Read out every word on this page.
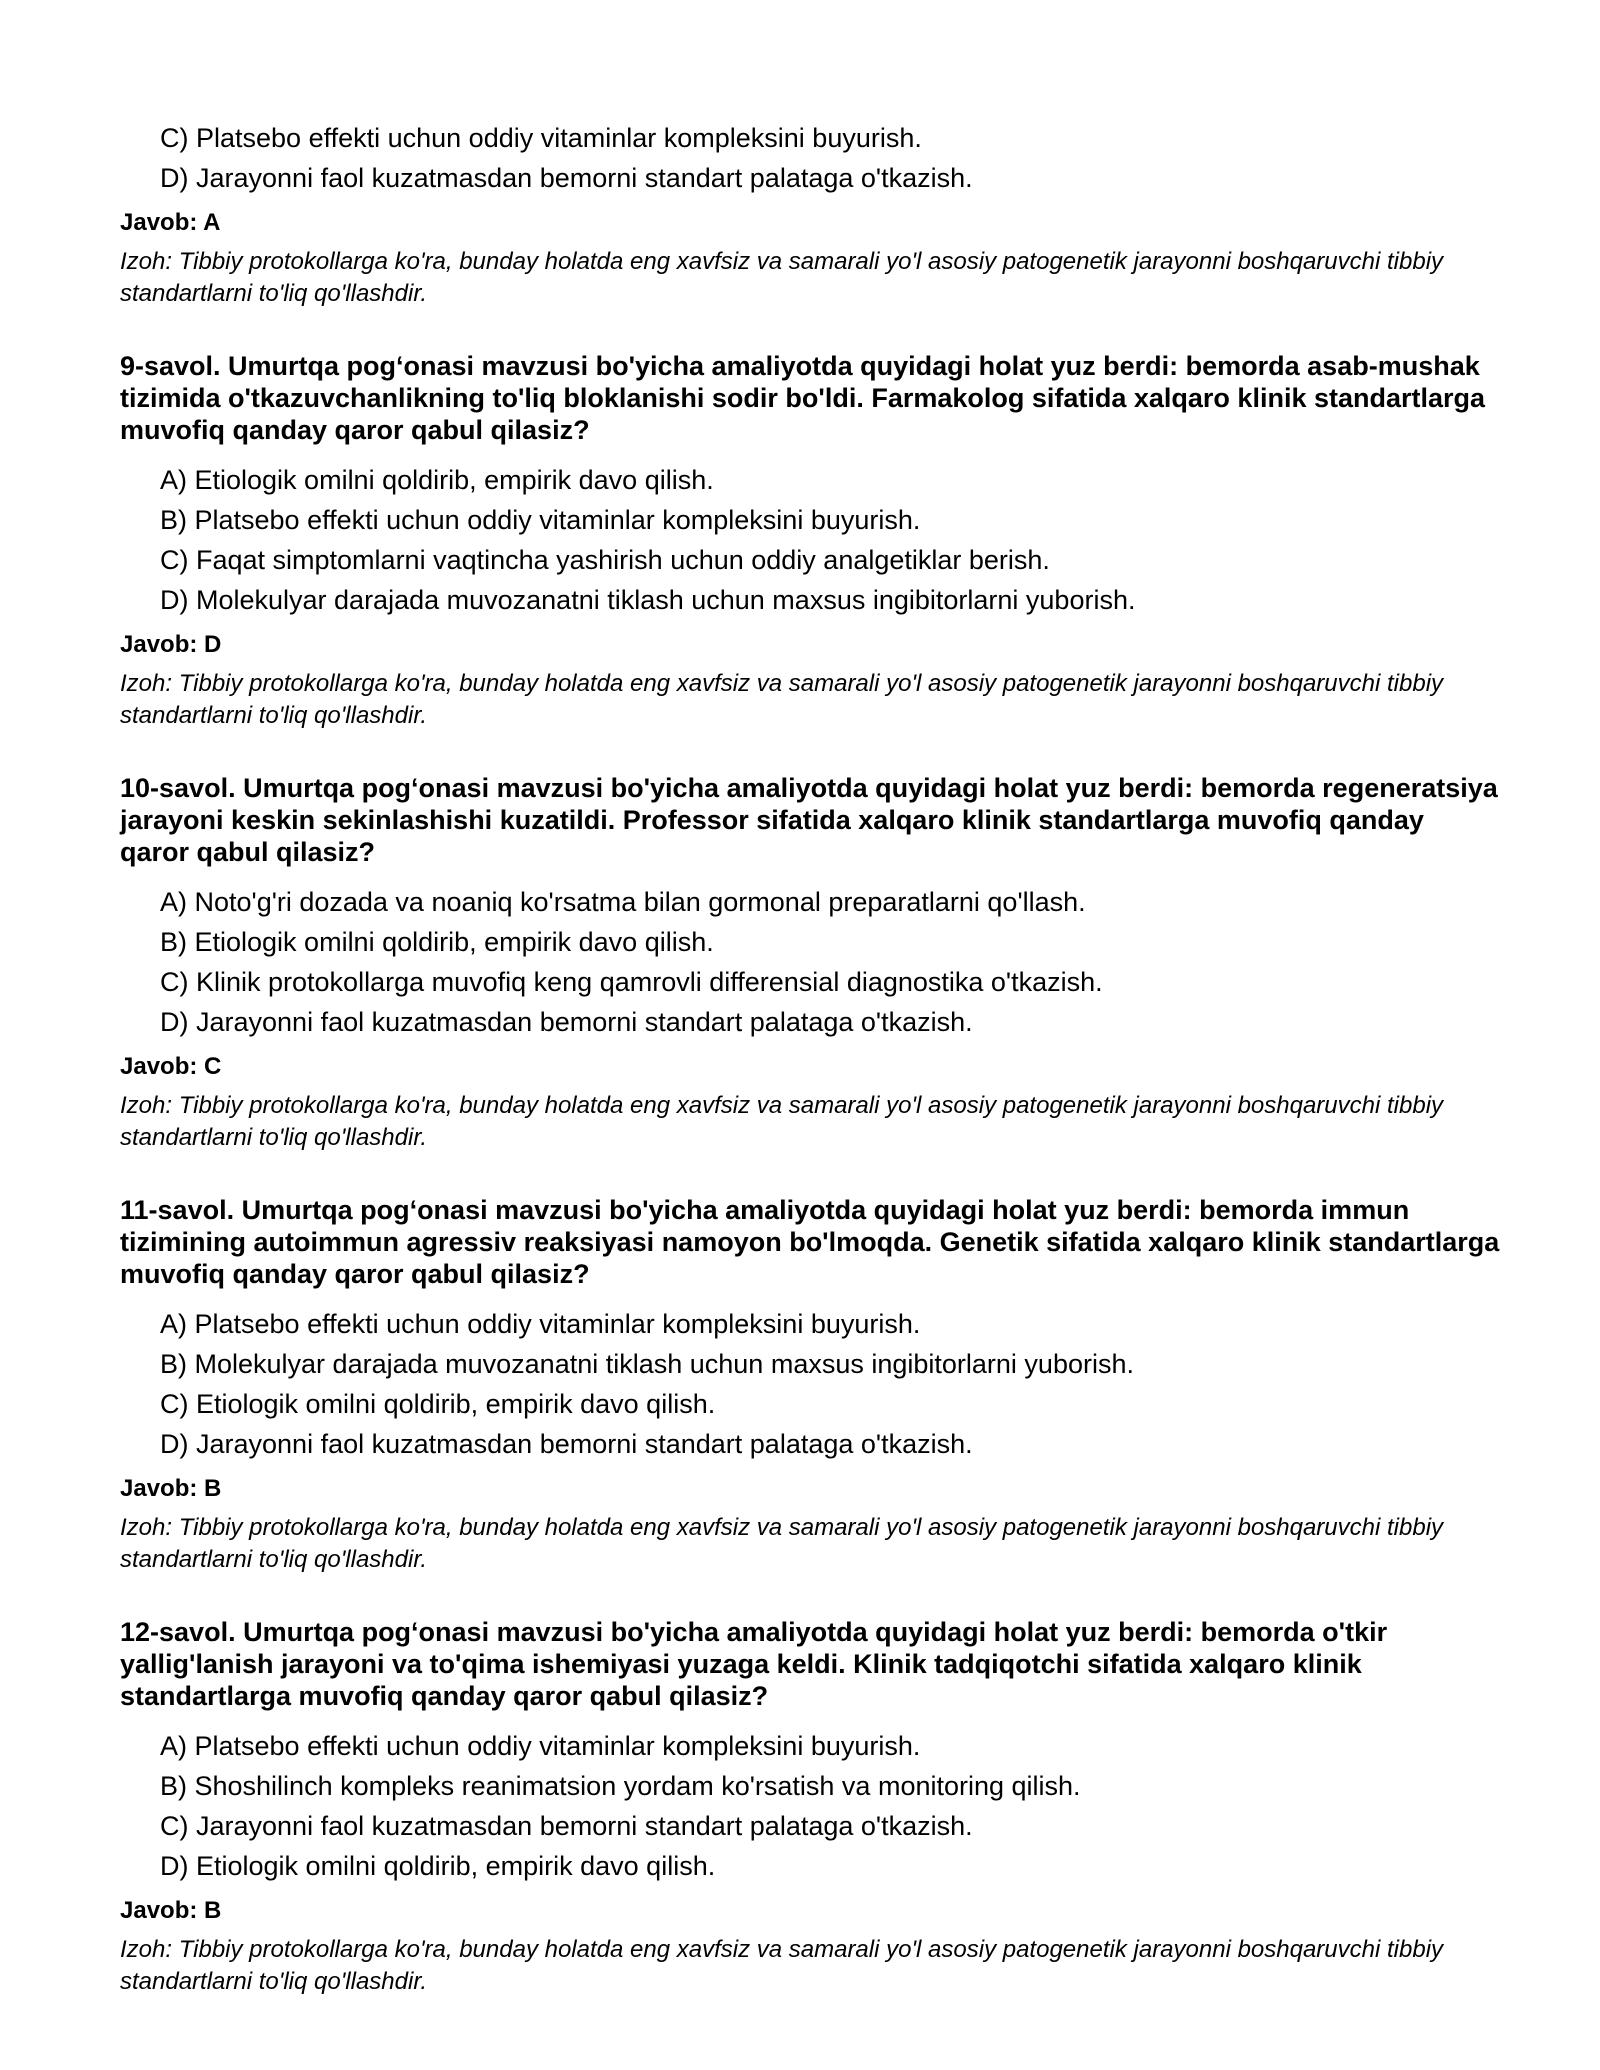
C) Platsebo effekti uchun oddiy vitaminlar kompleksini buyurish.
D) Jarayonni faol kuzatmasdan bemorni standart palataga o'tkazish.
Javob: A
Izoh: Tibbiy protokollarga ko'ra, bunday holatda eng xavfsiz va samarali yo'l asosiy patogenetik jarayonni boshqaruvchi tibbiy standartlarni to'liq qo'llashdir.
9-savol. Umurtqa pog‘onasi mavzusi bo'yicha amaliyotda quyidagi holat yuz berdi: bemorda asab-mushak tizimida o'tkazuvchanlikning to'liq bloklanishi sodir bo'ldi. Farmakolog sifatida xalqaro klinik standartlarga muvofiq qanday qaror qabul qilasiz?
A) Etiologik omilni qoldirib, empirik davo qilish.
B) Platsebo effekti uchun oddiy vitaminlar kompleksini buyurish.
C) Faqat simptomlarni vaqtincha yashirish uchun oddiy analgetiklar berish.
D) Molekulyar darajada muvozanatni tiklash uchun maxsus ingibitorlarni yuborish.
Javob: D
Izoh: Tibbiy protokollarga ko'ra, bunday holatda eng xavfsiz va samarali yo'l asosiy patogenetik jarayonni boshqaruvchi tibbiy standartlarni to'liq qo'llashdir.
10-savol. Umurtqa pog‘onasi mavzusi bo'yicha amaliyotda quyidagi holat yuz berdi: bemorda regeneratsiya jarayoni keskin sekinlashishi kuzatildi. Professor sifatida xalqaro klinik standartlarga muvofiq qanday qaror qabul qilasiz?
A) Noto'g'ri dozada va noaniq ko'rsatma bilan gormonal preparatlarni qo'llash.
B) Etiologik omilni qoldirib, empirik davo qilish.
C) Klinik protokollarga muvofiq keng qamrovli differensial diagnostika o'tkazish.
D) Jarayonni faol kuzatmasdan bemorni standart palataga o'tkazish.
Javob: C
Izoh: Tibbiy protokollarga ko'ra, bunday holatda eng xavfsiz va samarali yo'l asosiy patogenetik jarayonni boshqaruvchi tibbiy standartlarni to'liq qo'llashdir.
11-savol. Umurtqa pog‘onasi mavzusi bo'yicha amaliyotda quyidagi holat yuz berdi: bemorda immun tizimining autoimmun agressiv reaksiyasi namoyon bo'lmoqda. Genetik sifatida xalqaro klinik standartlarga muvofiq qanday qaror qabul qilasiz?
A) Platsebo effekti uchun oddiy vitaminlar kompleksini buyurish.
B) Molekulyar darajada muvozanatni tiklash uchun maxsus ingibitorlarni yuborish.
C) Etiologik omilni qoldirib, empirik davo qilish.
D) Jarayonni faol kuzatmasdan bemorni standart palataga o'tkazish.
Javob: B
Izoh: Tibbiy protokollarga ko'ra, bunday holatda eng xavfsiz va samarali yo'l asosiy patogenetik jarayonni boshqaruvchi tibbiy standartlarni to'liq qo'llashdir.
12-savol. Umurtqa pog‘onasi mavzusi bo'yicha amaliyotda quyidagi holat yuz berdi: bemorda o'tkir yallig'lanish jarayoni va to'qima ishemiyasi yuzaga keldi. Klinik tadqiqotchi sifatida xalqaro klinik standartlarga muvofiq qanday qaror qabul qilasiz?
A) Platsebo effekti uchun oddiy vitaminlar kompleksini buyurish.
B) Shoshilinch kompleks reanimatsion yordam ko'rsatish va monitoring qilish.
C) Jarayonni faol kuzatmasdan bemorni standart palataga o'tkazish.
D) Etiologik omilni qoldirib, empirik davo qilish.
Javob: B
Izoh: Tibbiy protokollarga ko'ra, bunday holatda eng xavfsiz va samarali yo'l asosiy patogenetik jarayonni boshqaruvchi tibbiy standartlarni to'liq qo'llashdir.
